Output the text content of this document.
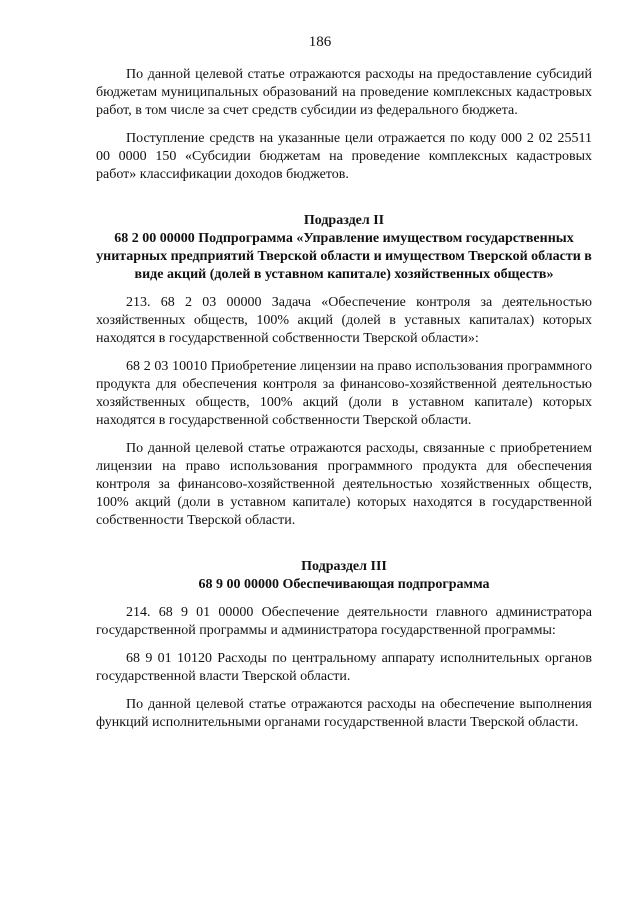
186

По данной целевой статье отражаются расходы на предоставление субсидий бюджетам муниципальных образований на проведение комплексных кадастровых работ, в том числе за счет средств субсидии из федерального бюджета.

Поступление средств на указанные цели отражается по коду 000 2 02 25511 00 0000 150 «Субсидии бюджетам на проведение комплексных кадастровых работ» классификации доходов бюджетов.

Подраздел II
68 2 00 00000 Подпрограмма «Управление имуществом государственных унитарных предприятий Тверской области и имуществом Тверской области в виде акций (долей в уставном капитале) хозяйственных обществ»

213. 68 2 03 00000 Задача «Обеспечение контроля за деятельностью хозяйственных обществ, 100% акций (долей в уставных капиталах) которых находятся в государственной собственности Тверской области»:

68 2 03 10010 Приобретение лицензии на право использования программного продукта для обеспечения контроля за финансово-хозяйственной деятельностью хозяйственных обществ, 100% акций (доли в уставном капитале) которых находятся в государственной собственности Тверской области.

По данной целевой статье отражаются расходы, связанные с приобретением лицензии на право использования программного продукта для обеспечения контроля за финансово-хозяйственной деятельностью хозяйственных обществ, 100% акций (доли в уставном капитале) которых находятся в государственной собственности Тверской области.

Подраздел III
68 9 00 00000 Обеспечивающая подпрограмма

214. 68 9 01 00000 Обеспечение деятельности главного администратора государственной программы и администратора государственной программы:

68 9 01 10120 Расходы по центральному аппарату исполнительных органов государственной власти Тверской области.

По данной целевой статье отражаются расходы на обеспечение выполнения функций исполнительными органами государственной власти Тверской области.
